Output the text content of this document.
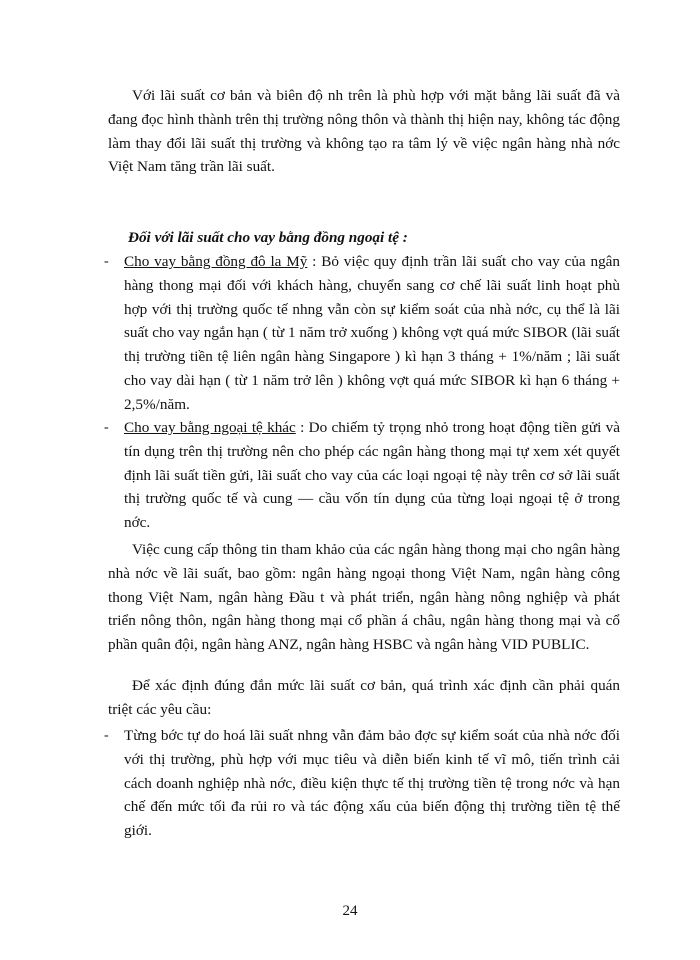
Với lãi suất cơ bản và biên độ nh trên là phù hợp với mặt bằng lãi suất đã và đang đọc hình thành trên thị trường nông thôn và thành thị hiện nay, không tác động làm thay đổi lãi suất thị trường và không tạo ra tâm lý về việc ngân hàng nhà nớc Việt Nam tăng trần lãi suất.

Đối với lãi suất cho vay bằng đồng ngoại tệ :

-	Cho vay bằng đồng đô la Mỹ : Bỏ việc quy định trần lãi suất cho vay của ngân hàng thong mại đối với khách hàng, chuyển sang cơ chế lãi suất linh hoạt phù hợp với thị trường quốc tế nhng vẫn còn sự kiểm soát của nhà nớc, cụ thể là lãi suất cho vay ngắn hạn ( từ 1 năm trở xuống ) không vợt quá mức SIBOR (lãi suất thị trường tiền tệ liên ngân hàng Singapore ) kì hạn 3 tháng + 1%/năm ; lãi suất cho vay dài hạn ( từ 1 năm trở lên ) không vợt quá mức SIBOR kì hạn 6 tháng + 2,5%/năm.

-	Cho vay bằng ngoại tệ khác : Do chiếm tỷ trọng nhỏ trong hoạt động tiền gửi và tín dụng trên thị trường nên cho phép các ngân hàng thong mại tự xem xét quyết định lãi suất tiền gửi, lãi suất cho vay của các loại ngoại tệ này trên cơ sở lãi suất thị trường quốc tế và cung — cầu vốn tín dụng của từng loại ngoại tệ ở trong nớc.

Việc cung cấp thông tin tham khảo của các ngân hàng thong mại cho ngân hàng nhà nớc về lãi suất, bao gồm: ngân hàng ngoại thong Việt Nam, ngân hàng công thong Việt Nam, ngân hàng Đầu t và phát triển, ngân hàng nông nghiệp và phát triển nông thôn, ngân hàng thong mại cổ phần á châu, ngân hàng thong mại và cổ phần quân đội, ngân hàng ANZ, ngân hàng HSBC và ngân hàng VID PUBLIC.

Để xác định đúng đắn mức lãi suất cơ bản, quá trình xác định cần phải quán triệt các yêu cầu:

-	Từng bớc tự do hoá lãi suất nhng vẫn đảm bảo đợc sự kiểm soát của nhà nớc đối với thị trường, phù hợp với mục tiêu và diễn biến kinh tế vĩ mô, tiến trình cải cách doanh nghiệp nhà nớc, điều kiện thực tế thị trường tiền tệ trong nớc và hạn chế đến mức tối đa rủi ro và tác động xấu của biến động thị trường tiền tệ thế giới.

24
